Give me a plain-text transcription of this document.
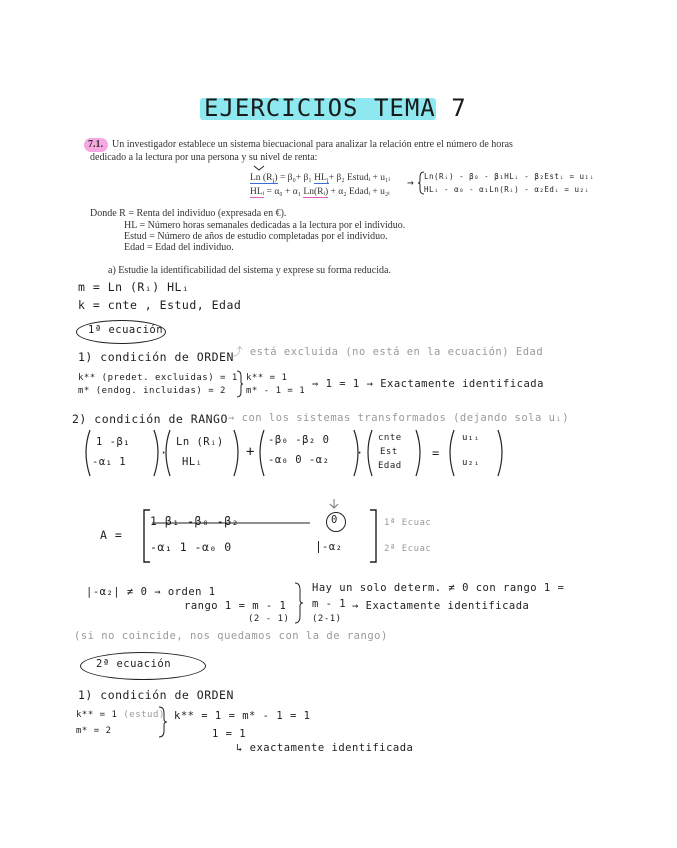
EJERCICIOS TEMA 7
7.1. Un investigador establece un sistema biecuacional para analizar la relación entre el número de horas
dedicado a la lectura por una persona y su nivel de renta:
Ln $(R_i) = \beta_0+ \beta_1$ $HL_i+ \beta_2$ Estudᵢ + u₁ᵢ
HLᵢ = α₀ + α₁ Ln(Rᵢ) + α₂ Edadᵢ + u₂ᵢ
→ Ln(Rᵢ) - β₀ - β₁HLᵢ - β₂Estᵢ = u₁ᵢ
HLᵢ - α₀ - α₁Ln(Rᵢ) - α₂Edᵢ = u₂ᵢ
Donde R = Renta del individuo (expresada en €).
HL = Número horas semanales dedicadas a la lectura por el individuo.
Estud = Número de años de estudio completadas por el individuo.
Edad = Edad del individuo.
a) Estudie la identificabilidad del sistema y exprese su forma reducida.
m = Ln (Rᵢ) HLᵢ
k = cnte , Estud, Edad
1ª ecuación
1) condición de ORDEN
⤴ está excluida (no está en la ecuación) Edad
k** (predet. excluidas) = 1
m* (endog. incluidas) = 2
k** = 1
m* - 1 = 1
⇒ 1 = 1 → Exactamente identificada
2) condición de RANGO → con los sistemas transformados (dejando sola uᵢ)
1 -β₁
-α₁ 1
·
Ln (Rᵢ)
HLᵢ
+
-β₀ -β₂ 0
-α₀ 0 -α₂ ·
cnte
Est
Edad
=
u₁ᵢ
u₂ᵢ
A =
1 β₁ -β₀ -β₂	0
-α₁ 1 -α₀ 0	-α₂
1ª Ecuac
2ª Ecuac
|-α₂| ≠ 0 → orden 1
rango 1 = m - 1
(2 - 1)
Hay un solo determ. ≠ 0 con rango 1 =
m - 1
(2-1)
→ Exactamente identificada
(si no coincide, nos quedamos con la de rango)
2ª ecuación
1) condición de ORDEN
k** = 1 (estud)
m* = 2
k** = 1 = m* - 1 = 1
1 = 1
↳ exactamente identificada
